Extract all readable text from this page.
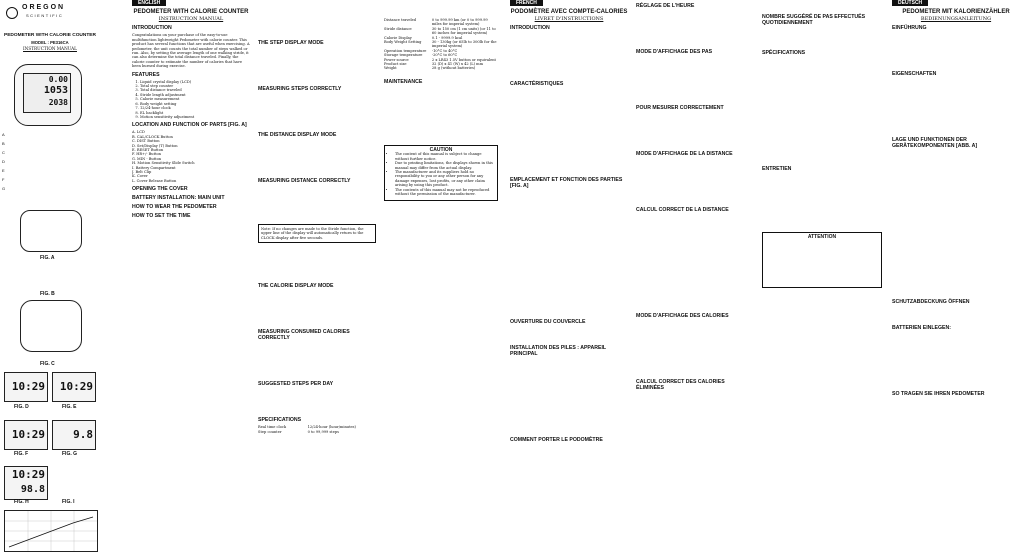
OREGON
SCIENTIFIC
PEDOMETER WITH CALORIE COUNTER
MODEL : PE316CA
INSTRUCTION MANUAL
0.00
1053
2038
FIG. A
FIG. B
FIG. C
A
B
C
D
E
F
G
10:29	10:29
FIG. D	FIG. E
10:29	9.8
FIG. F	FIG. G
10:29
98.8
FIG. H	FIG. I
ENGLISH
PEDOMETER WITH CALORIE COUNTER
INSTRUCTION MANUAL
INTRODUCTION

Congratulations on your purchase of the easy-to-use multifunction lightweight Pedometer with calorie counter. This product has several functions that are useful when exercising. A pedometer, the unit counts the total number of steps walked or run. Also, by setting the average length of one walking stride, it can also determine the total distance traveled. Finally, the calorie counter to estimate the number of calories that have been burned during exercise.

FEATURES
1. Liquid crystal display (LCD)
2. Total step counter
3. Total distance traveled
4. Stride length adjustment
5. Calorie measurement
6. Body weight setting
7. 12/24-hour clock
8. EL backlight
9. Motion sensitivity adjustment
LOCATION AND FUNCTION OF PARTS [FIG. A]
A. LCD
B. CAL/CLOCK Button
C. DIST Button
D. Set/Display (T) Button
E. RESET Button
F. HR+/- Button
G. MIN - Button
H. Motion Sensitivity Slide Switch
I. Battery Compartment
J. Belt Clip
K. Cover
L. Cover Release Button
OPENING THE COVER
BATTERY INSTALLATION: MAIN UNIT
HOW TO WEAR THE PEDOMETER
HOW TO SET THE TIME
THE STEP DISPLAY MODE
MEASURING STEPS CORRECTLY
THE DISTANCE DISPLAY MODE
MEASURING DISTANCE CORRECTLY
Note: If no changes are made to the Stride function, the upper line of the display will automatically return to the CLOCK display after five seconds.
THE CALORIE DISPLAY MODE
MEASURING CONSUMED CALORIES CORRECTLY
SUGGESTED STEPS PER DAY
SPECIFICATIONS
Real time clock	12/24-hour (hour/minutes)
Step counter	0 to 99,999 steps
Distance traveled	0 to 999.99 km (or 0 to 999.99 miles for imperial system)
Stride distance	30 to 150 cm (1 cm units) (or 11 to 60 inches for imperial system)
Calorie Display	0.1 - 9999.9 kcal
Body Weight Setting	30 - 130kg (or 65lb to 300lb for the imperial system)
Operation temperature	-10°C to 40°C
Storage temperature	-20°C to 60°C
Power source	2 x LR43 1.5V button or equivalent
Product size	32 (D) x 41 (W) x 42 (L) mm
Weight	28 g (without batteries)
MAINTENANCE
CAUTION
• The content of this manual is subject to change without further notice.
• Due to printing limitations, the displays shown in this manual may differ from the actual display.
• The manufacturer and its suppliers hold no responsibility to you or any other person for any damage expenses, lost profits, or any other claim arising by using this product.
• The contents of this manual may not be reproduced without the permission of the manufacturer.
FRENCH
PODOMÈTRE AVEC COMPTE-CALORIES
LIVRET D'INSTRUCTIONS
INTRODUCTION
CARACTÉRISTIQUES
EMPLACEMENT ET FONCTION DES PARTIES [FIG. A]
OUVERTURE DU COUVERCLE
INSTALLATION DES PILES : APPAREIL PRINCIPAL
COMMENT PORTER LE PODOMÈTRE
RÉGLAGE DE L'HEURE
MODE D'AFFICHAGE DES PAS
POUR MESURER CORRECTEMENT
MODE D'AFFICHAGE DE LA DISTANCE
CALCUL CORRECT DE LA DISTANCE
MODE D'AFFICHAGE DES CALORIES
CALCUL CORRECT DES CALORIES ÉLIMINÉES
NOMBRE SUGGÉRÉ DE PAS EFFECTUÉS QUOTIDIENNEMENT
SPÉCIFICATIONS
ENTRETIEN
ATTENTION
DEUTSCH
PEDOMETER MIT KALORIENZÄHLER
BEDIENUNGSANLEITUNG
EINFÜHRUNG
EIGENSCHAFTEN
LAGE UND FUNKTIONEN DER GERÄTEKOMPONENTEN [ABB. A]
SCHUTZABDECKUNG ÖFFNEN
BATTERIEN EINLEGEN:
SO TRAGEN SIE IHREN PEDOMETER
